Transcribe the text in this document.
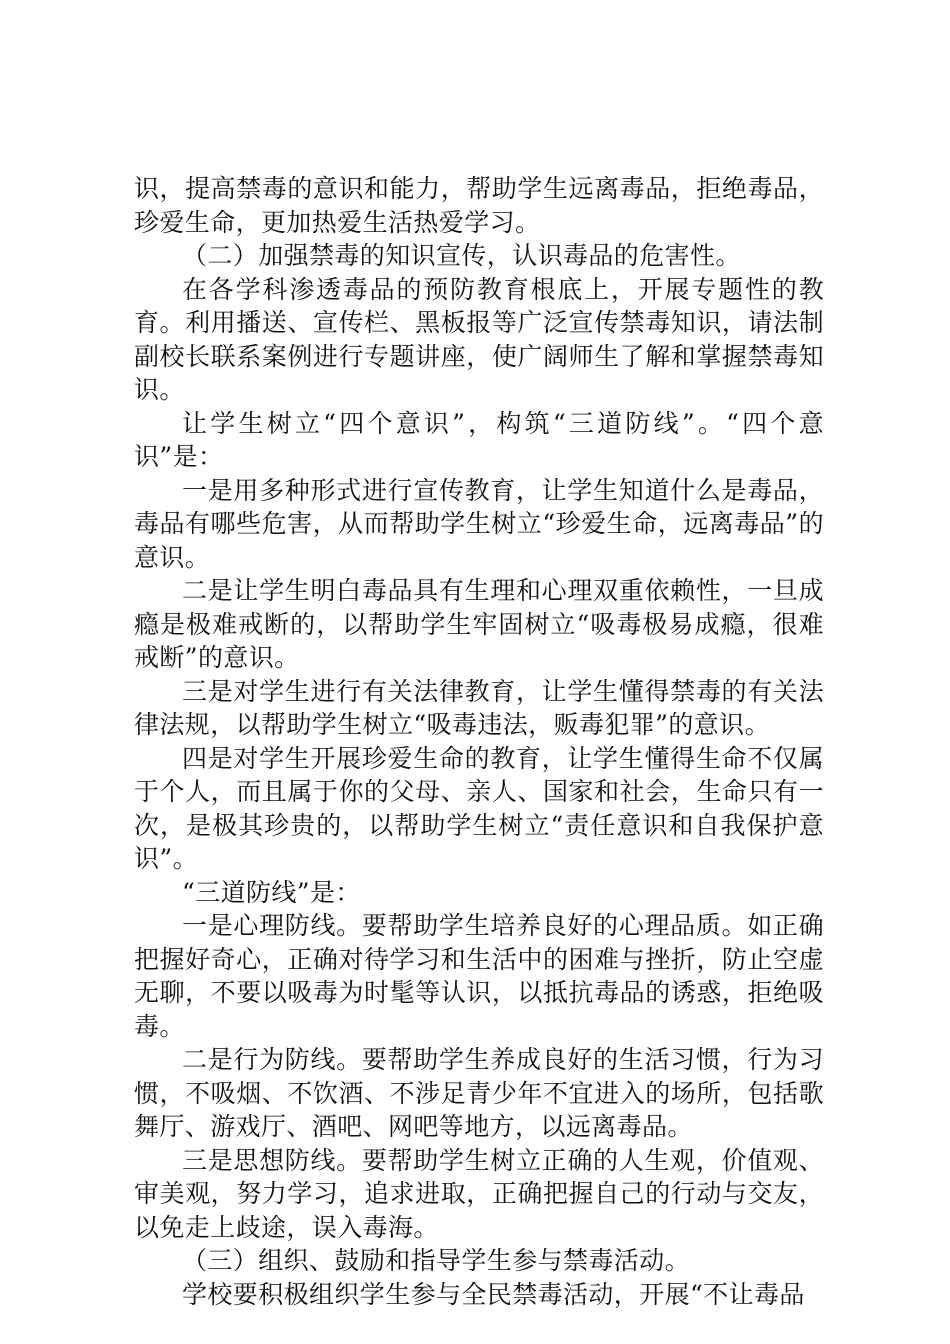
识，提高禁毒的意识和能力，帮助学生远离毒品，拒绝毒品，珍爱生命，更加热爱生活热爱学习。

（二）加强禁毒的知识宣传，认识毒品的危害性。

在各学科渗透毒品的预防教育根底上，开展专题性的教育。利用播送、宣传栏、黑板报等广泛宣传禁毒知识，请法制副校长联系案例进行专题讲座，使广阔师生了解和掌握禁毒知识。

让学生树立“四个意识”，构筑“三道防线”。“四个意识”是：

一是用多种形式进行宣传教育，让学生知道什么是毒品，毒品有哪些危害，从而帮助学生树立“珍爱生命，远离毒品”的意识。

二是让学生明白毒品具有生理和心理双重依赖性，一旦成瘾是极难戒断的，以帮助学生牢固树立“吸毒极易成瘾，很难戒断”的意识。

三是对学生进行有关法律教育，让学生懂得禁毒的有关法律法规，以帮助学生树立“吸毒违法，贩毒犯罪”的意识。

四是对学生开展珍爱生命的教育，让学生懂得生命不仅属于个人，而且属于你的父母、亲人、国家和社会，生命只有一次，是极其珍贵的，以帮助学生树立“责任意识和自我保护意识”。

“三道防线”是：

一是心理防线。要帮助学生培养良好的心理品质。如正确把握好奇心，正确对待学习和生活中的困难与挫折，防止空虚无聊，不要以吸毒为时髦等认识，以抵抗毒品的诱惑，拒绝吸毒。

二是行为防线。要帮助学生养成良好的生活习惯，行为习惯，不吸烟、不饮酒、不涉足青少年不宜进入的场所，包括歌舞厅、游戏厅、酒吧、网吧等地方，以远离毒品。

三是思想防线。要帮助学生树立正确的人生观，价值观、审美观，努力学习，追求进取，正确把握自己的行动与交友，以免走上歧途，误入毒海。

（三）组织、鼓励和指导学生参与禁毒活动。

学校要积极组织学生参与全民禁毒活动，开展“不让毒品
